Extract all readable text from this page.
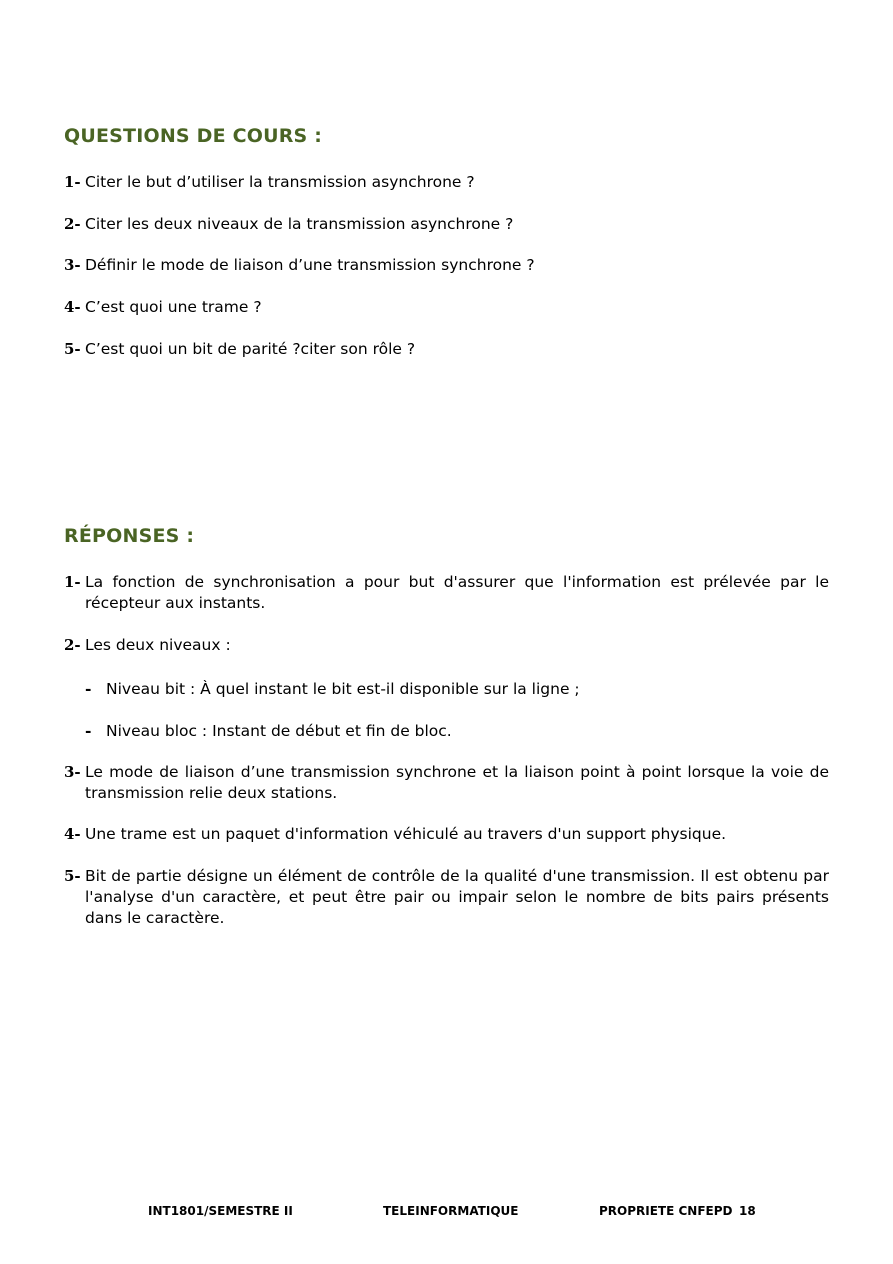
QUESTIONS DE COURS :

1- Citer le but d’utiliser la transmission asynchrone ?

2- Citer les deux niveaux de la transmission asynchrone ?

3- Définir le mode de liaison d’une transmission synchrone ?

4- C’est quoi une trame ?

5- C’est quoi un bit de parité ?citer son rôle ?

RÉPONSES :
1- La fonction de synchronisation a pour but d'assurer que l'information est prélevée par le récepteur aux instants.
2- Les deux niveaux :

- Niveau bit : À quel instant le bit est-il disponible sur la ligne ;

- Niveau bloc : Instant de début et fin de bloc.

3- Le mode de liaison d’une transmission synchrone et la liaison point à point lorsque la voie de transmission relie deux stations.
4- Une trame est un paquet d'information véhiculé au travers d'un support physique.
5- Bit de partie désigne un élément de contrôle de la qualité d'une transmission. Il est obtenu par l'analyse d'un caractère, et peut être pair ou impair selon le nombre de bits pairs présents dans le caractère.
INT1801/SEMESTRE II	TELEINFORMATIQUE	PROPRIETE CNFEPD 18
